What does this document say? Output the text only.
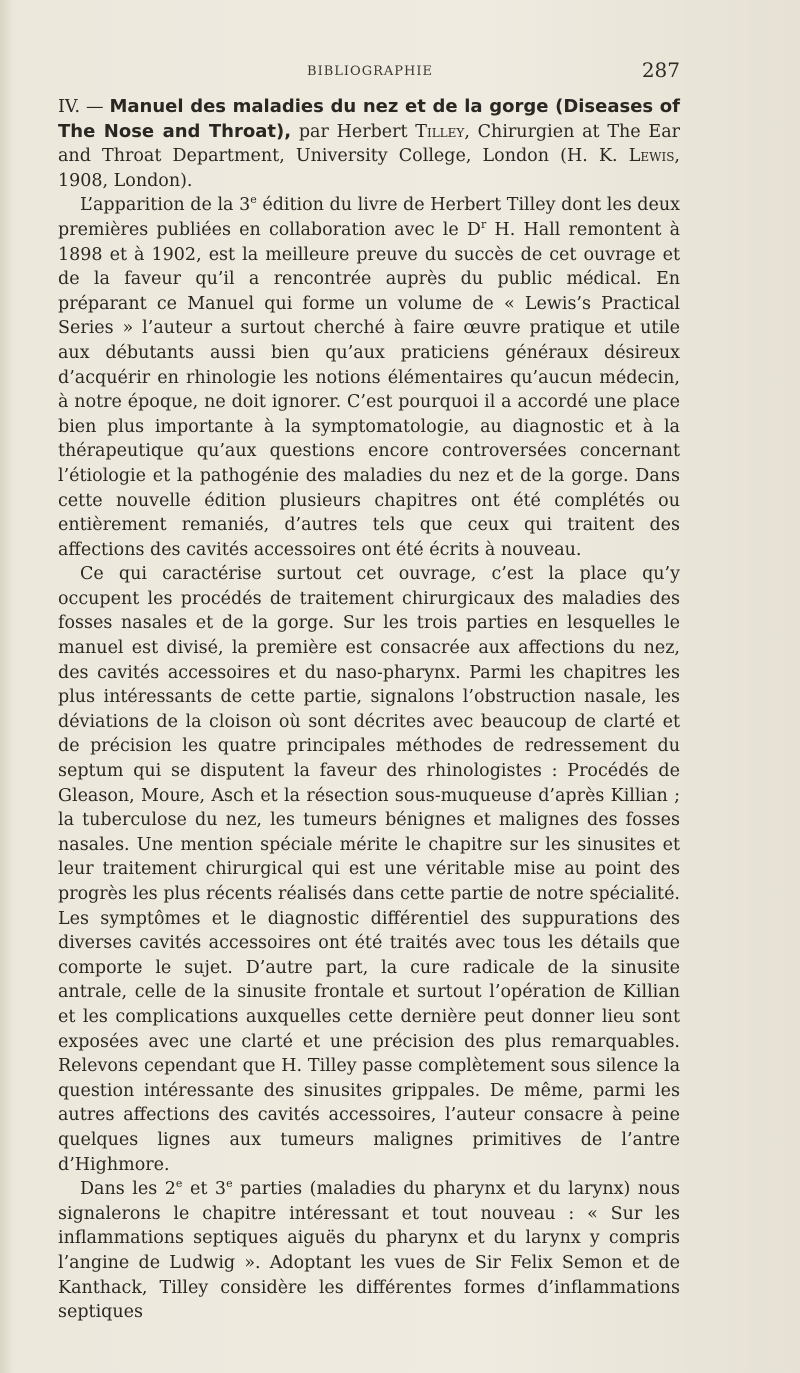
BIBLIOGRAPHIE	287

IV. — Manuel des maladies du nez et de la gorge (Diseases of The Nose and Throat), par Herbert Tilley, Chirurgien at The Ear and Throat Department, University College, London (H. K. Lewis, 1908, London).

L’apparition de la 3e édition du livre de Herbert Tilley dont les deux premières publiées en collaboration avec le $D^r$ H. Hall remontent à 1898 et à 1902, est la meilleure preuve du succès de cet ouvrage et de la faveur qu’il a rencontrée auprès du public médical. En préparant ce Manuel qui forme un volume de « Lewis’s Practical Series » l’auteur a surtout cherché à faire œuvre pratique et utile aux débutants aussi bien qu’aux praticiens généraux désireux d’acquérir en rhinologie les notions élémentaires qu’aucun médecin, à notre époque, ne doit ignorer. C’est pourquoi il a accordé une place bien plus importante à la symptomatologie, au diagnostic et à la thérapeutique qu’aux questions encore controversées concernant l’étiologie et la pathogénie des maladies du nez et de la gorge. Dans cette nouvelle édition plusieurs chapitres ont été complétés ou entièrement remaniés, d’autres tels que ceux qui traitent des affections des cavités accessoires ont été écrits à nouveau.

Ce qui caractérise surtout cet ouvrage, c’est la place qu’y occupent les procédés de traitement chirurgicaux des maladies des fosses nasales et de la gorge. Sur les trois parties en lesquelles le manuel est divisé, la première est consacrée aux affections du nez, des cavités accessoires et du naso-pharynx. Parmi les chapitres les plus intéressants de cette partie, signalons l’obstruction nasale, les déviations de la cloison où sont décrites avec beaucoup de clarté et de précision les quatre principales méthodes de redressement du septum qui se disputent la faveur des rhinologistes : Procédés de Gleason, Moure, Asch et la résection sous-muqueuse d’après Killian ; la tuberculose du nez, les tumeurs bénignes et malignes des fosses nasales. Une mention spéciale mérite le chapitre sur les sinusites et leur traitement chirurgical qui est une véritable mise au point des progrès les plus récents réalisés dans cette partie de notre spécialité. Les symptômes et le diagnostic différentiel des suppurations des diverses cavités accessoires ont été traités avec tous les détails que comporte le sujet. D’autre part, la cure radicale de la sinusite antrale, celle de la sinusite frontale et surtout l’opération de Killian et les complications auxquelles cette dernière peut donner lieu sont exposées avec une clarté et une précision des plus remarquables. Relevons cependant que H. Tilley passe complètement sous silence la question intéressante des sinusites grippales. De même, parmi les autres affections des cavités accessoires, l’auteur consacre à peine quelques lignes aux tumeurs malignes primitives de l’antre d’Highmore.

Dans les 2e et 3e parties (maladies du pharynx et du larynx) nous signalerons le chapitre intéressant et tout nouveau : « Sur les inflammations septiques aiguës du pharynx et du larynx y compris l’angine de Ludwig ». Adoptant les vues de Sir Felix Semon et de Kanthack, Tilley considère les différentes formes d’inflammations septiques
